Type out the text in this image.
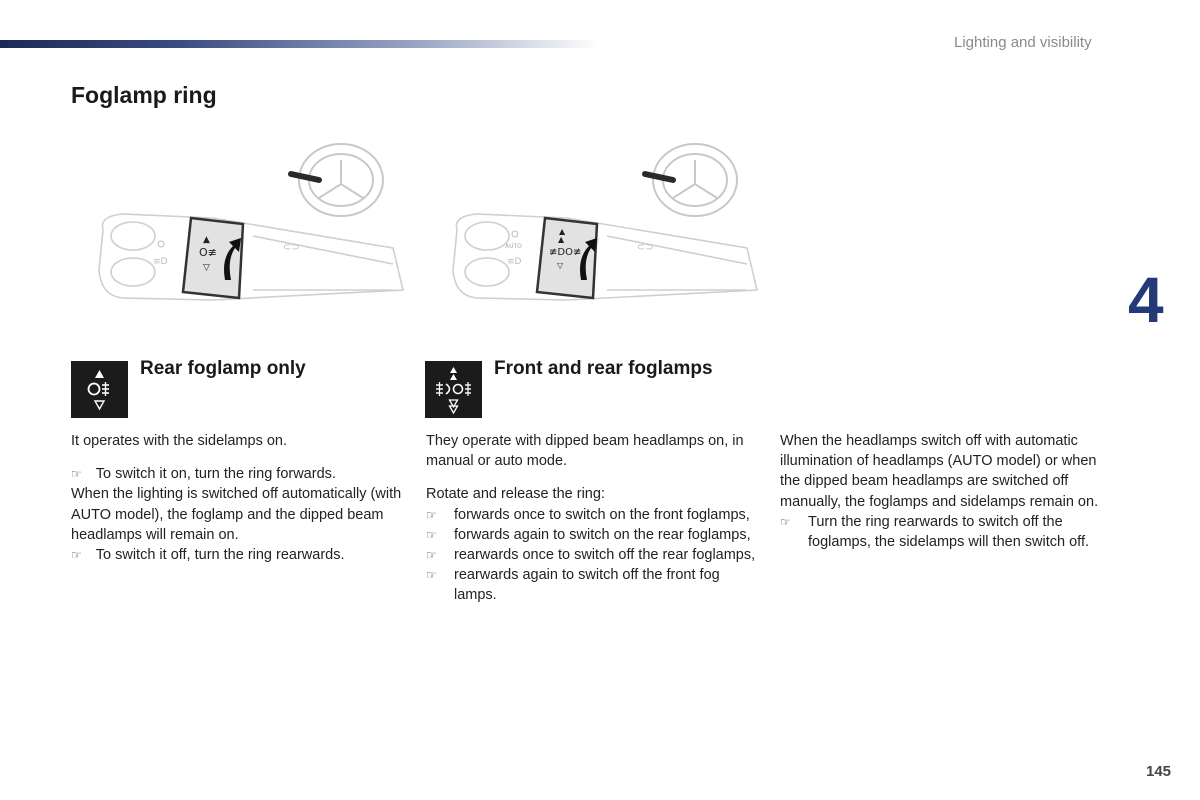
Lighting and visibility
Foglamp ring
4
≡D
⊂⊃
▲
O≢
▽
AUTO
≡D
⊂⊃
▲
▲
≢DO≢
▽
Rear foglamp only	Front and rear foglamps

It operates with the sidelamps on.

☞ To switch it on, turn the ring forwards.

When the lighting is switched off automatically (with AUTO model), the foglamp and the dipped beam headlamps will remain on.

☞ To switch it off, turn the ring rearwards.

They operate with dipped beam headlamps on, in manual or auto mode.

Rotate and release the ring:

☞ forwards once to switch on the front foglamps,

☞ forwards again to switch on the rear foglamps,

☞ rearwards once to switch off the rear foglamps,

☞ rearwards again to switch off the front fog lamps.

When the headlamps switch off with automatic illumination of headlamps (AUTO model) or when the dipped beam headlamps are switched off manually, the foglamps and sidelamps remain on.

☞ Turn the ring rearwards to switch off the foglamps, the sidelamps will then switch off.

145
